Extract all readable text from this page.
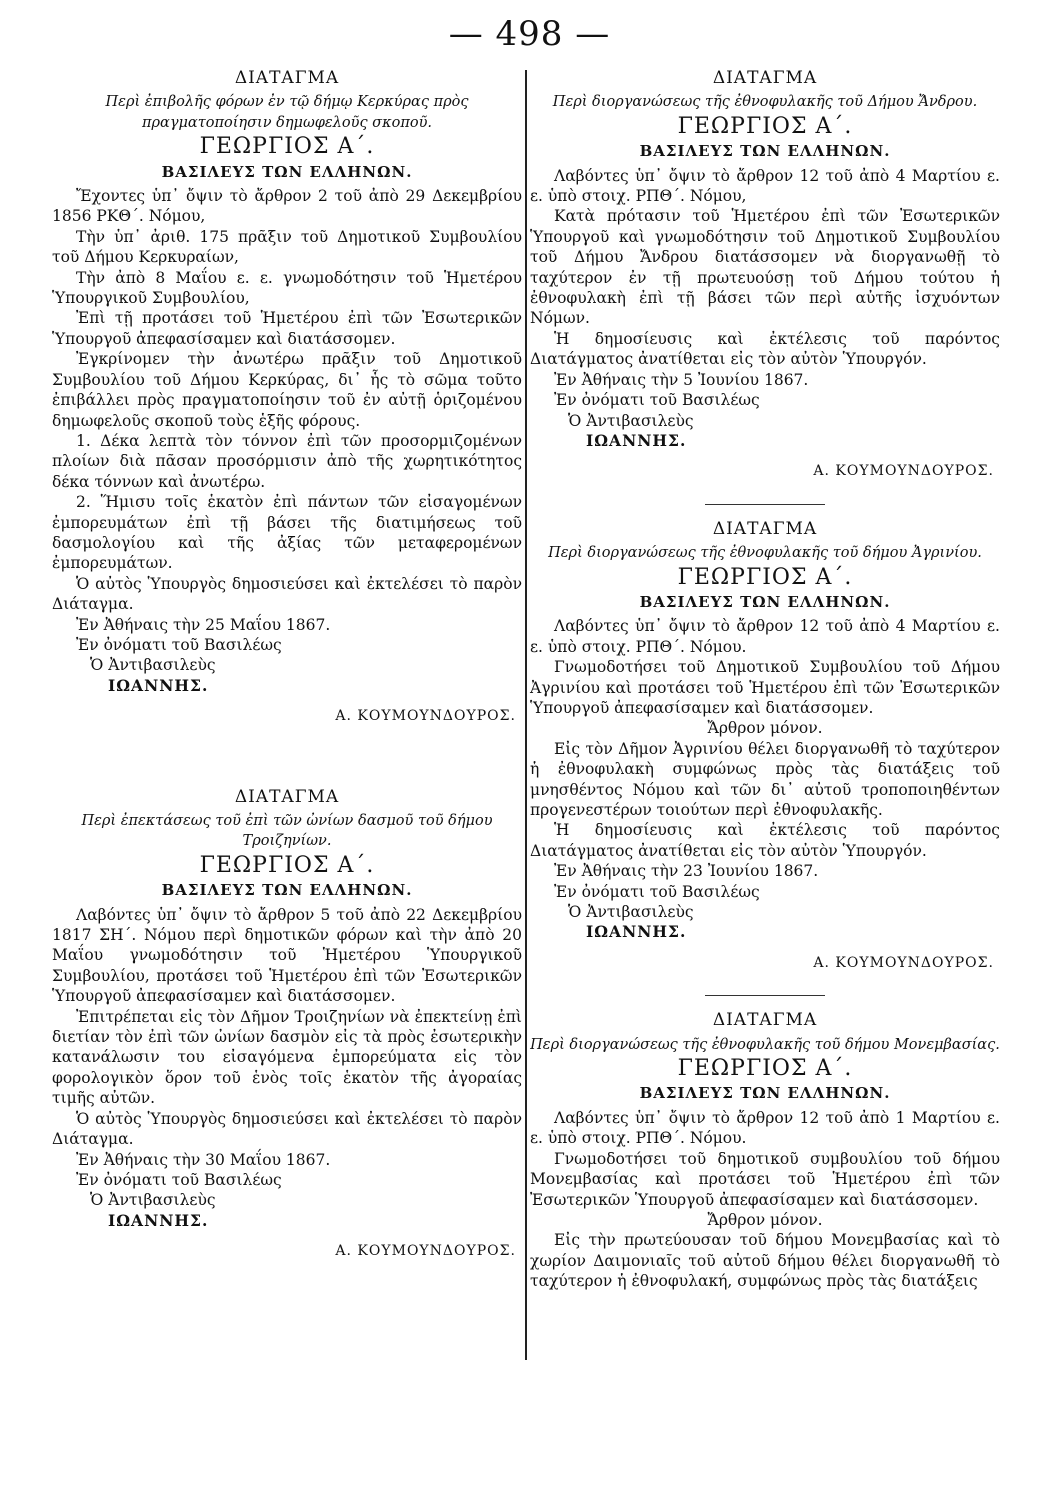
— 498 —
ΔΙΑΤΑΓΜΑ
Περὶ ἐπιβολῆς φόρων ἐν τῷ δήμῳ Κερκύρας πρὸς πραγματοποίησιν δημωφελοῦς σκοποῦ.
ΓΕΩΡΓΙΟΣ Α΄.
ΒΑΣΙΛΕΥΣ ΤΩΝ ΕΛΛΗΝΩΝ.

Ἔχοντες ὑπ᾽ ὄψιν τὸ ἄρθρον 2 τοῦ ἀπὸ 29 Δεκεμβρίου 1856 ΡΚΘ΄. Νόμου,

Τὴν ὑπ᾽ ἀριθ. 175 πρᾶξιν τοῦ Δημοτικοῦ Συμβουλίου τοῦ Δήμου Κερκυραίων,

Τὴν ἀπὸ 8 Μαΐου ε. ε. γνωμοδότησιν τοῦ Ἡμετέρου Ὑπουργικοῦ Συμβουλίου,

Ἐπὶ τῇ προτάσει τοῦ Ἡμετέρου ἐπὶ τῶν Ἐσωτερικῶν Ὑπουργοῦ ἀπεφασίσαμεν καὶ διατάσσομεν.

Ἐγκρίνομεν τὴν ἀνωτέρω πρᾶξιν τοῦ Δημοτικοῦ Συμβουλίου τοῦ Δήμου Κερκύρας, δι᾽ ἧς τὸ σῶμα τοῦτο ἐπιβάλλει πρὸς πραγματοποίησιν τοῦ ἐν αὐτῇ ὁριζομένου δημωφελοῦς σκοποῦ τοὺς ἑξῆς φόρους.

1. Δέκα λεπτὰ τὸν τόννον ἐπὶ τῶν προσορμιζομένων πλοίων διὰ πᾶσαν προσόρμισιν ἀπὸ τῆς χωρητικότητος δέκα τόννων καὶ ἀνωτέρω.

2. Ἥμισυ τοῖς ἑκατὸν ἐπὶ πάντων τῶν εἰσαγομένων ἐμπορευμάτων ἐπὶ τῇ βάσει τῆς διατιμήσεως τοῦ δασμολογίου καὶ τῆς ἀξίας τῶν μεταφερομένων ἐμπορευμάτων.

Ὁ αὐτὸς Ὑπουργὸς δημοσιεύσει καὶ ἐκτελέσει τὸ παρὸν Διάταγμα.

Ἐν Ἀθήναις τὴν 25 Μαΐου 1867.

Ἐν ὀνόματι τοῦ Βασιλέως
Ὁ Ἀντιβασιλεὺς
ΙΩΑΝΝΗΣ.
Α. ΚΟΥΜΟΥΝΔΟΥΡΟΣ.
ΔΙΑΤΑΓΜΑ
Περὶ ἐπεκτάσεως τοῦ ἐπὶ τῶν ὠνίων δασμοῦ τοῦ δήμου Τροιζηνίων.
ΓΕΩΡΓΙΟΣ Α΄.
ΒΑΣΙΛΕΥΣ ΤΩΝ ΕΛΛΗΝΩΝ.

Λαβόντες ὑπ᾽ ὄψιν τὸ ἄρθρον 5 τοῦ ἀπὸ 22 Δεκεμβρίου 1817 ΣΗ΄. Νόμου περὶ δημοτικῶν φόρων καὶ τὴν ἀπὸ 20 Μαΐου γνωμοδότησιν τοῦ Ἡμετέρου Ὑπουργικοῦ Συμβουλίου, προτάσει τοῦ Ἡμετέρου ἐπὶ τῶν Ἐσωτερικῶν Ὑπουργοῦ ἀπεφασίσαμεν καὶ διατάσσομεν.

Ἐπιτρέπεται εἰς τὸν Δῆμον Τροιζηνίων νὰ ἐπεκτείνῃ ἐπὶ διετίαν τὸν ἐπὶ τῶν ὠνίων δασμὸν εἰς τὰ πρὸς ἐσωτερικὴν κατανάλωσιν του εἰσαγόμενα ἐμπορεύματα εἰς τὸν φορολογικὸν ὅρον τοῦ ἑνὸς τοῖς ἑκατὸν τῆς ἀγοραίας τιμῆς αὐτῶν.

Ὁ αὐτὸς Ὑπουργὸς δημοσιεύσει καὶ ἐκτελέσει τὸ παρὸν Διάταγμα.

Ἐν Ἀθήναις τὴν 30 Μαΐου 1867.

Ἐν ὀνόματι τοῦ Βασιλέως
Ὁ Ἀντιβασιλεὺς
ΙΩΑΝΝΗΣ.
Α. ΚΟΥΜΟΥΝΔΟΥΡΟΣ.
ΔΙΑΤΑΓΜΑ
Περὶ διοργανώσεως τῆς ἐθνοφυλακῆς τοῦ Δήμου Ἄνδρου.
ΓΕΩΡΓΙΟΣ Α΄.
ΒΑΣΙΛΕΥΣ ΤΩΝ ΕΛΛΗΝΩΝ.

Λαβόντες ὑπ᾽ ὄψιν τὸ ἄρθρον 12 τοῦ ἀπὸ 4 Μαρτίου ε. ε. ὑπὸ στοιχ. ΡΠΘ΄. Νόμου,

Κατὰ πρότασιν τοῦ Ἡμετέρου ἐπὶ τῶν Ἐσωτερικῶν Ὑπουργοῦ καὶ γνωμοδότησιν τοῦ Δημοτικοῦ Συμβουλίου τοῦ Δήμου Ἄνδρου διατάσσομεν νὰ διοργανωθῇ τὸ ταχύτερον ἐν τῇ πρωτευούσῃ τοῦ Δήμου τούτου ἡ ἐθνοφυλακὴ ἐπὶ τῇ βάσει τῶν περὶ αὐτῆς ἰσχυόντων Νόμων.

Ἡ δημοσίευσις καὶ ἐκτέλεσις τοῦ παρόντος Διατάγματος ἀνατίθεται εἰς τὸν αὐτὸν Ὑπουργόν.

Ἐν Ἀθήναις τὴν 5 Ἰουνίου 1867.

Ἐν ὀνόματι τοῦ Βασιλέως
Ὁ Ἀντιβασιλεὺς
ΙΩΑΝΝΗΣ.
Α. ΚΟΥΜΟΥΝΔΟΥΡΟΣ.
ΔΙΑΤΑΓΜΑ
Περὶ διοργανώσεως τῆς ἐθνοφυλακῆς τοῦ δήμου Ἀγρινίου.
ΓΕΩΡΓΙΟΣ Α΄.
ΒΑΣΙΛΕΥΣ ΤΩΝ ΕΛΛΗΝΩΝ.

Λαβόντες ὑπ᾽ ὄψιν τὸ ἄρθρον 12 τοῦ ἀπὸ 4 Μαρτίου ε. ε. ὑπὸ στοιχ. ΡΠΘ΄. Νόμου.

Γνωμοδοτήσει τοῦ Δημοτικοῦ Συμβουλίου τοῦ Δήμου Ἀγρινίου καὶ προτάσει τοῦ Ἡμετέρου ἐπὶ τῶν Ἐσωτερικῶν Ὑπουργοῦ ἀπεφασίσαμεν καὶ διατάσσομεν.

Ἄρθρον μόνον.

Εἰς τὸν Δῆμον Ἀγρινίου θέλει διοργανωθῆ τὸ ταχύτερον ἡ ἐθνοφυλακὴ συμφώνως πρὸς τὰς διατάξεις τοῦ μνησθέντος Νόμου καὶ τῶν δι᾽ αὐτοῦ τροποποιηθέντων προγενεστέρων τοιούτων περὶ ἐθνοφυλακῆς.

Ἡ δημοσίευσις καὶ ἐκτέλεσις τοῦ παρόντος Διατάγματος ἀνατίθεται εἰς τὸν αὐτὸν Ὑπουργόν.

Ἐν Ἀθήναις τὴν 23 Ἰουνίου 1867.

Ἐν ὀνόματι τοῦ Βασιλέως
Ὁ Ἀντιβασιλεὺς
ΙΩΑΝΝΗΣ.
Α. ΚΟΥΜΟΥΝΔΟΥΡΟΣ.
ΔΙΑΤΑΓΜΑ
Περὶ διοργανώσεως τῆς ἐθνοφυλακῆς τοῦ δήμου Μονεμβασίας.
ΓΕΩΡΓΙΟΣ Α΄.
ΒΑΣΙΛΕΥΣ ΤΩΝ ΕΛΛΗΝΩΝ.

Λαβόντες ὑπ᾽ ὄψιν τὸ ἄρθρον 12 τοῦ ἀπὸ 1 Μαρτίου ε. ε. ὑπὸ στοιχ. ΡΠΘ΄. Νόμου.

Γνωμοδοτήσει τοῦ δημοτικοῦ συμβουλίου τοῦ δήμου Μονεμβασίας καὶ προτάσει τοῦ Ἡμετέρου ἐπὶ τῶν Ἐσωτερικῶν Ὑπουργοῦ ἀπεφασίσαμεν καὶ διατάσσομεν.

Ἄρθρον μόνον.

Εἰς τὴν πρωτεύουσαν τοῦ δήμου Μονεμβασίας καὶ τὸ χωρίον Δαιμονιαῖς τοῦ αὐτοῦ δήμου θέλει διοργανωθῆ τὸ ταχύτερον ἡ ἐθνοφυλακή, συμφώνως πρὸς τὰς διατάξεις
